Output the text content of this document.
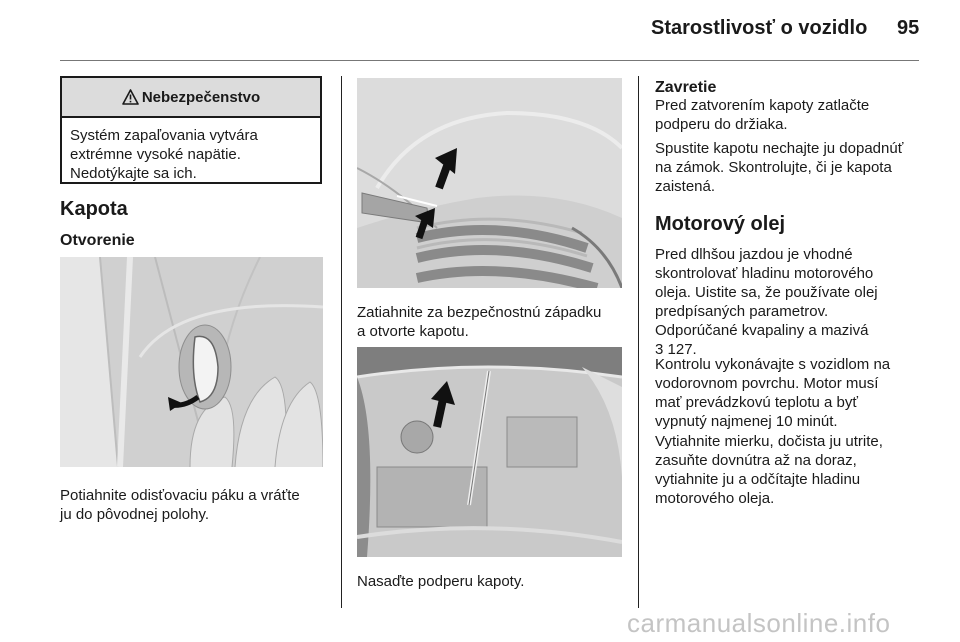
Starostlivosť o vozidlo 95
Nebezpečenstvo
Systém zapaľovania vytvára
extrémne vysoké napätie.
Nedotýkajte sa ich.
Kapota
Otvorenie
Potiahnite odisťovaciu páku a vráťte
ju do pôvodnej polohy.
Zatiahnite za bezpečnostnú západku
a otvorte kapotu.
Nasaďte podperu kapoty.
Zavretie
Pred zatvorením kapoty zatlačte
podperu do držiaka.
Spustite kapotu nechajte ju dopadnúť
na zámok. Skontrolujte, či je kapota
zaistená.
Motorový olej
Pred dlhšou jazdou je vhodné
skontrolovať hladinu motorového
oleja. Uistite sa, že používate olej
predpísaných parametrov.
Odporúčané kvapaliny a mazivá
3 127.
Kontrolu vykonávajte s vozidlom na
vodorovnom povrchu. Motor musí
mať prevádzkovú teplotu a byť
vypnutý najmenej 10 minút.
Vytiahnite mierku, dočista ju utrite,
zasuňte dovnútra až na doraz,
vytiahnite ju a odčítajte hladinu
motorového oleja.
carmanualsonline.info
